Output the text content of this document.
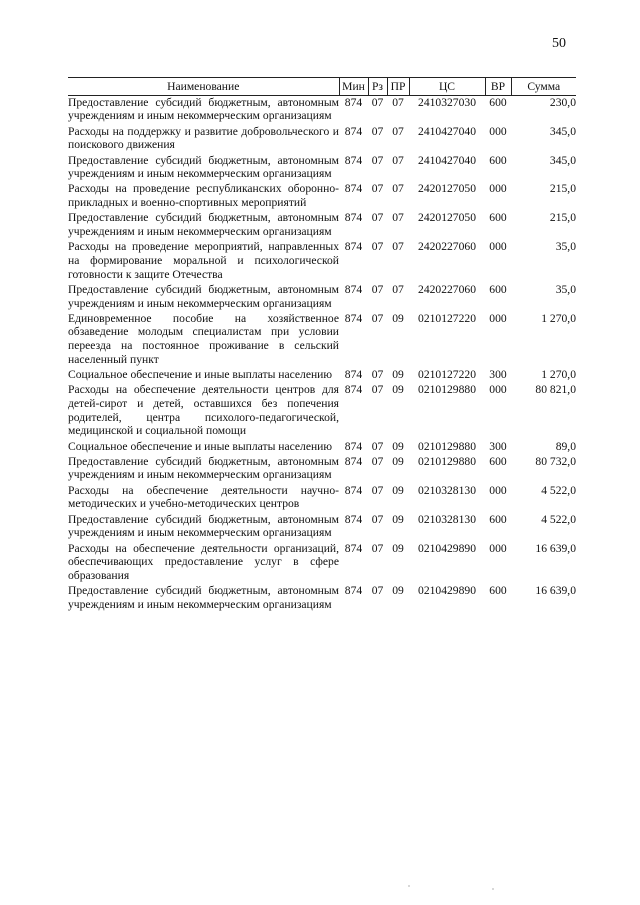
50
Наименование	Мин	Рз	ПР	ЦС	ВР	Сумма
Предоставление субсидий бюджетным, автономным учреждениям и иным некоммерческим организациям	874	07	07	2410327030	600	230,0
Расходы на поддержку и развитие добровольческого и поискового движения	874	07	07	2410427040	000	345,0
Предоставление субсидий бюджетным, автономным учреждениям и иным некоммерческим организациям	874	07	07	2410427040	600	345,0
Расходы на проведение республиканских оборонно-прикладных и военно-спортивных мероприятий	874	07	07	2420127050	000	215,0
Предоставление субсидий бюджетным, автономным учреждениям и иным некоммерческим организациям	874	07	07	2420127050	600	215,0
Расходы на проведение мероприятий, направленных на формирование моральной и психологической готовности к защите Отечества	874	07	07	2420227060	000	35,0
Предоставление субсидий бюджетным, автономным учреждениям и иным некоммерческим организациям	874	07	07	2420227060	600	35,0
Единовременное пособие на хозяйственное обзаведение молодым специалистам при условии переезда на постоянное проживание в сельский населенный пункт	874	07	09	0210127220	000	1 270,0
Социальное обеспечение и иные выплаты населению	874	07	09	0210127220	300	1 270,0
Расходы на обеспечение деятельности центров для детей-сирот и детей, оставшихся без попечения родителей, центра психолого-педагогической, медицинской и социальной помощи	874	07	09	0210129880	000	80 821,0
Социальное обеспечение и иные выплаты населению	874	07	09	0210129880	300	89,0
Предоставление субсидий бюджетным, автономным учреждениям и иным некоммерческим организациям	874	07	09	0210129880	600	80 732,0
Расходы на обеспечение деятельности научно-методических и учебно-методических центров	874	07	09	0210328130	000	4 522,0
Предоставление субсидий бюджетным, автономным учреждениям и иным некоммерческим организациям	874	07	09	0210328130	600	4 522,0
Расходы на обеспечение деятельности организаций, обеспечивающих предоставление услуг в сфере образования	874	07	09	0210429890	000	16 639,0
Предоставление субсидий бюджетным, автономным учреждениям и иным некоммерческим организациям	874	07	09	0210429890	600	16 639,0
